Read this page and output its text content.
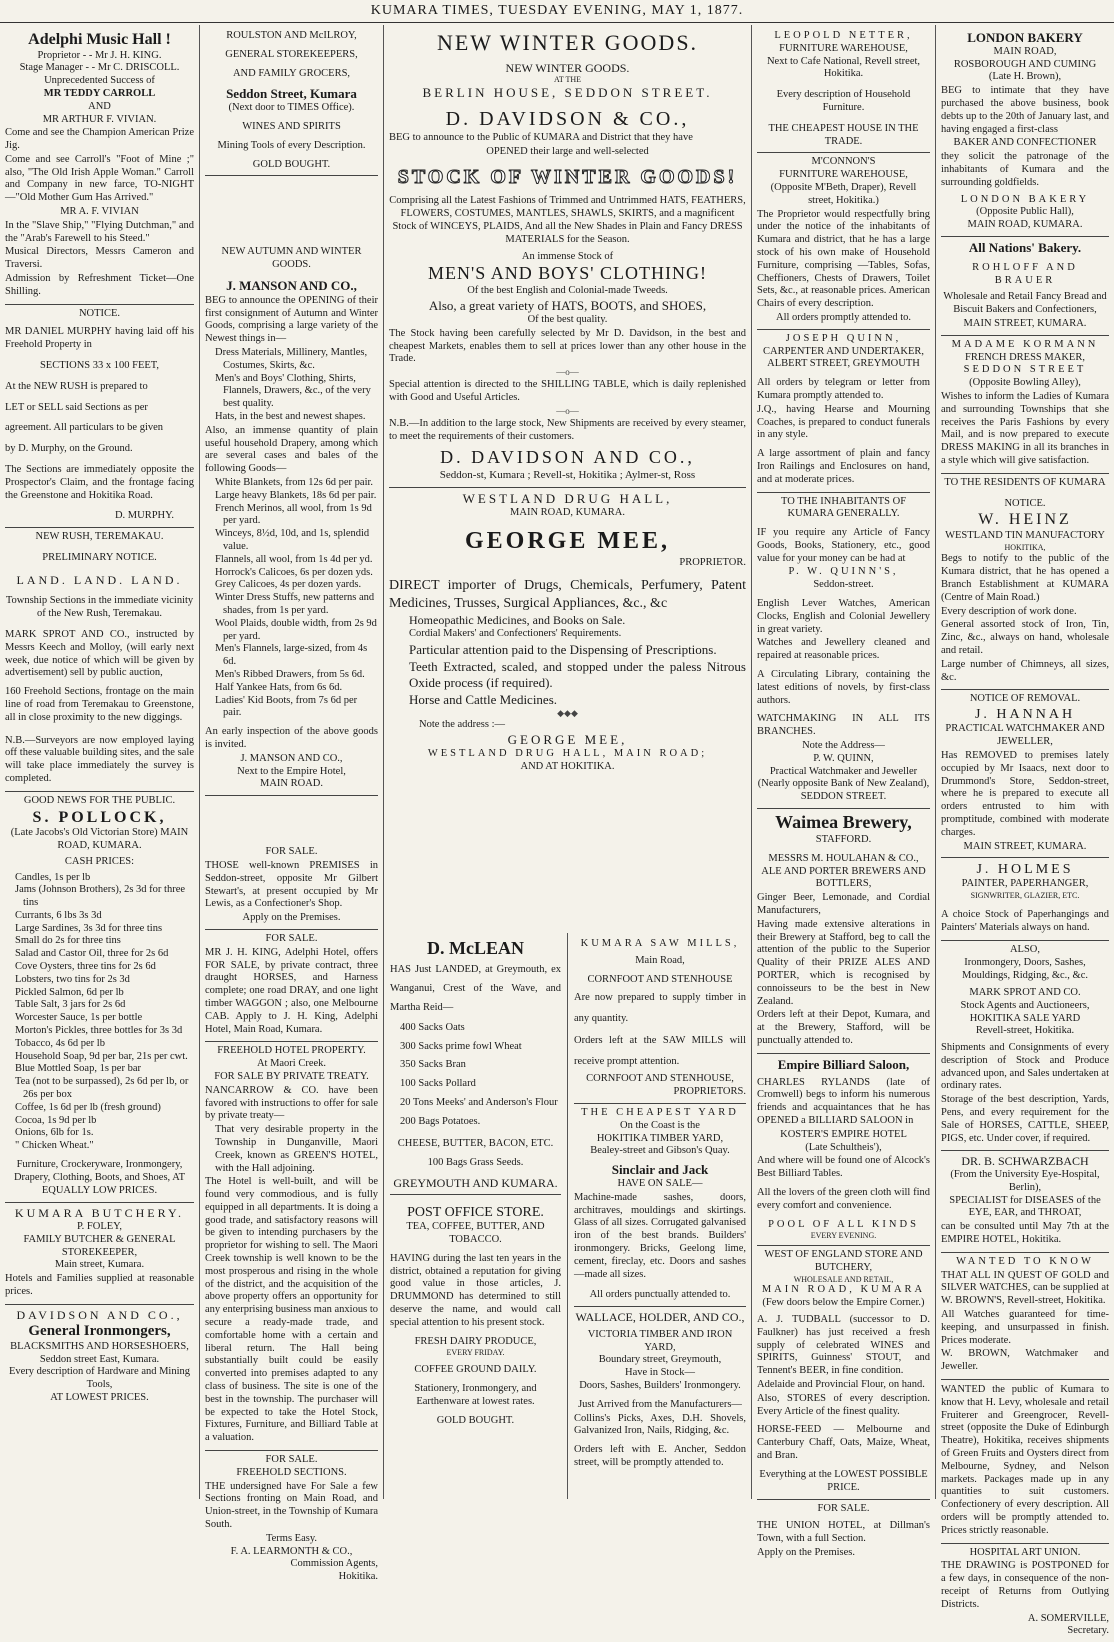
KUMARA TIMES, TUESDAY EVENING, MAY 1, 1877.
Adelphi Music Hall !
Proprietor - - Mr J. H. KING.
Stage Manager - - Mr C. DRISCOLL.
Unprecedented Success of
MR TEDDY CARROLL
AND
MR ARTHUR F. VIVIAN.

Come and see the Champion American Prize Jig.

Come and see Carroll's "Foot of Mine ;" also, "The Old Irish Apple Woman." Carroll and Company in new farce, TO-NIGHT—"Old Mother Gum Has Arrived."

MR A. F. VIVIAN

In the "Slave Ship," "Flying Dutchman," and the "Arab's Farewell to his Steed."

Musical Directors, Messrs Cameron and Traversi.

Admission by Refreshment Ticket—One Shilling.

NOTICE.

MR DANIEL MURPHY having laid off his Freehold Property in

SECTIONS 33 x 100 FEET,

At the NEW RUSH is prepared to

LET or SELL said Sections as per

agreement. All particulars to be given

by D. Murphy, on the Ground.

The Sections are immediately opposite the Prospector's Claim, and the frontage facing the Greenstone and Hokitika Road.

D. MURPHY.
NEW RUSH, TEREMAKAU.
PRELIMINARY NOTICE.
LAND. LAND. LAND.

Township Sections in the immediate vicinity of the New Rush, Teremakau.

MARK SPROT AND CO., instructed by Messrs Keech and Molloy, (will early next week, due notice of which will be given by advertisement) sell by public auction,

160 Freehold Sections, frontage on the main line of road from Teremakau to Greenstone, all in close proximity to the new diggings.

N.B.—Surveyors are now employed laying off these valuable building sites, and the sale will take place immediately the survey is completed.

GOOD NEWS FOR THE PUBLIC.
S. POLLOCK,
(Late Jacobs's Old Victorian Store) MAIN ROAD, KUMARA.
CASH PRICES:
Candles, 1s per lb
Jams (Johnson Brothers), 2s 3d for three tins
Currants, 6 lbs 3s 3d
Large Sardines, 3s 3d for three tins
Small do 2s for three tins
Salad and Castor Oil, three for 2s 6d
Cove Oysters, three tins for 2s 6d
Lobsters, two tins for 2s 3d
Pickled Salmon, 6d per lb
Table Salt, 3 jars for 2s 6d
Worcester Sauce, 1s per bottle
Morton's Pickles, three bottles for 3s 3d
Tobacco, 4s 6d per lb
Household Soap, 9d per bar, 21s per cwt.
Blue Mottled Soap, 1s per bar
Tea (not to be surpassed), 2s 6d per lb, or 26s per box
Coffee, 1s 6d per lb (fresh ground)
Cocoa, 1s 9d per lb
Onions, 6lb for 1s.
" Chicken Wheat."

Furniture, Crockeryware, Ironmongery, Drapery, Clothing, Boots, and Shoes, AT EQUALLY LOW PRICES.

KUMARA BUTCHERY.
P. FOLEY,
FAMILY BUTCHER & GENERAL STOREKEEPER,
Main street, Kumara.

Hotels and Families supplied at reasonable prices.

DAVIDSON AND CO.,
General Ironmongers,
BLACKSMITHS AND HORSESHOERS,
Seddon street East, Kumara.
Every description of Hardware and Mining Tools,
AT LOWEST PRICES.
ROULSTON AND McILROY,
GENERAL STOREKEEPERS,
AND FAMILY GROCERS,
Seddon Street, Kumara
(Next door to TIMES Office).
WINES AND SPIRITS
Mining Tools of every Description.
GOLD BOUGHT.
NEW AUTUMN AND WINTER GOODS.
J. MANSON AND CO.,

BEG to announce the OPENING of their first consignment of Autumn and Winter Goods, comprising a large variety of the Newest things in—

Dress Materials, Millinery, Mantles, Costumes, Skirts, &c.
Men's and Boys' Clothing, Shirts, Flannels, Drawers, &c., of the very best quality.
Hats, in the best and newest shapes.

Also, an immense quantity of plain useful household Drapery, among which are several cases and bales of the following Goods—

White Blankets, from 12s 6d per pair.
Large heavy Blankets, 18s 6d per pair.
French Merinos, all wool, from 1s 9d per yard.
Winceys, 8½d, 10d, and 1s, splendid value.
Flannels, all wool, from 1s 4d per yd.
Horrock's Calicoes, 6s per dozen yds.
Grey Calicoes, 4s per dozen yards.
Winter Dress Stuffs, new patterns and shades, from 1s per yard.
Wool Plaids, double width, from 2s 9d per yard.
Men's Flannels, large-sized, from 4s 6d.
Men's Ribbed Drawers, from 5s 6d.
Half Yankee Hats, from 6s 6d.
Ladies' Kid Boots, from 7s 6d per pair.

An early inspection of the above goods is invited.

J. MANSON AND CO.,
Next to the Empire Hotel,
MAIN ROAD.
FOR SALE.

THOSE well-known PREMISES in Seddon-street, opposite Mr Gilbert Stewart's, at present occupied by Mr Lewis, as a Confectioner's Shop.

Apply on the Premises.
FOR SALE.

MR J. H. KING, Adelphi Hotel, offers FOR SALE, by private contract, three draught HORSES, and Harness complete; one road DRAY, and one light timber WAGGON ; also, one Melbourne CAB. Apply to J. H. King, Adelphi Hotel, Main Road, Kumara.

FREEHOLD HOTEL PROPERTY.
At Maori Creek.
FOR SALE BY PRIVATE TREATY.

NANCARROW & CO. have been favored with instructions to offer for sale by private treaty—

That very desirable property in the Township in Dunganville, Maori Creek, known as GREEN'S HOTEL, with the Hall adjoining.

The Hotel is well-built, and will be found very commodious, and is fully equipped in all departments. It is doing a good trade, and satisfactory reasons will be given to intending purchasers by the proprietor for wishing to sell. The Maori Creek township is well known to be the most prosperous and rising in the whole of the district, and the acquisition of the above property offers an opportunity for any enterprising business man anxious to secure a ready-made trade, and comfortable home with a certain and liberal return. The Hall being substantially built could be easily converted into premises adapted to any class of business. The site is one of the best in the township. The purchaser will be expected to take the Hotel Stock, Fixtures, Furniture, and Billiard Table at a valuation.

FOR SALE.
FREEHOLD SECTIONS.

THE undersigned have For Sale a few Sections fronting on Main Road, and Union-street, in the Township of Kumara South.

Terms Easy.
F. A. LEARMONTH & CO.,
Commission Agents,
Hokitika.
NEW WINTER GOODS.
NEW WINTER GOODS.
AT THE
BERLIN HOUSE, SEDDON STREET.
D. DAVIDSON & CO.,

BEG to announce to the Public of KUMARA and District that they have

OPENED their large and well-selected
STOCK OF WINTER GOODS!

Comprising all the Latest Fashions of Trimmed and Untrimmed HATS, FEATHERS, FLOWERS, COSTUMES, MANTLES, SHAWLS, SKIRTS, and a magnificent Stock of WINCEYS, PLAIDS, And all the New Shades in Plain and Fancy DRESS MATERIALS for the Season.

An immense Stock of
MEN'S AND BOYS' CLOTHING!
Of the best English and Colonial-made Tweeds.
Also, a great variety of HATS, BOOTS, and SHOES,
Of the best quality.

The Stock having been carefully selected by Mr D. Davidson, in the best and cheapest Markets, enables them to sell at prices lower than any other house in the Trade.

—o—

Special attention is directed to the SHILLING TABLE, which is daily replenished with Good and Useful Articles.

—o—

N.B.—In addition to the large stock, New Shipments are received by every steamer, to meet the requirements of their customers.

D. DAVIDSON AND CO.,
Seddon-st, Kumara ; Revell-st, Hokitika ; Aylmer-st, Ross
WESTLAND DRUG HALL,
MAIN ROAD, KUMARA.
GEORGE MEE,
PROPRIETOR.

DIRECT importer of Drugs, Chemicals, Perfumery, Patent Medicines, Trusses, Surgical Appliances, &c., &c

Homeopathic Medicines, and Books on Sale.

Cordial Makers' and Confectioners' Requirements.

Particular attention paid to the Dispensing of Prescriptions.

Teeth Extracted, scaled, and stopped under the paless Nitrous Oxide process (if required).

Horse and Cattle Medicines.

◆◆◆
Note the address :—
GEORGE MEE,
WESTLAND DRUG HALL, MAIN ROAD;
AND AT HOKITIKA.
D. McLEAN

HAS Just LANDED, at Greymouth, ex Wanganui, Crest of the Wave, and Martha Reid—

400 Sacks Oats
300 Sacks prime fowl Wheat
350 Sacks Bran
100 Sacks Pollard
20 Tons Meeks' and Anderson's Flour
200 Bags Potatoes.
CHEESE, BUTTER, BACON, ETC.
100 Bags Grass Seeds.
GREYMOUTH AND KUMARA.
POST OFFICE STORE.
TEA, COFFEE, BUTTER, AND TOBACCO.

HAVING during the last ten years in the district, obtained a reputation for giving good value in those articles, J. DRUMMOND has determined to still deserve the name, and would call special attention to his present stock.

FRESH DAIRY PRODUCE,
EVERY FRIDAY.
COFFEE GROUND DAILY.
Stationery, Ironmongery, and Earthenware at lowest rates.
GOLD BOUGHT.
KUMARA SAW MILLS,
Main Road,
CORNFOOT AND STENHOUSE

Are now prepared to supply timber in any quantity.

Orders left at the SAW MILLS will receive prompt attention.

CORNFOOT AND STENHOUSE,
PROPRIETORS.
THE CHEAPEST YARD
On the Coast is the
HOKITIKA TIMBER YARD,
Bealey-street and Gibson's Quay.
Sinclair and Jack
HAVE ON SALE—

Machine-made sashes, doors, architraves, mouldings and skirtings. Glass of all sizes. Corrugated galvanised iron of the best brands. Builders' ironmongery. Bricks, Geelong lime, cement, fireclay, etc. Doors and sashes—made all sizes.

All orders punctually attended to.
WALLACE, HOLDER, AND CO.,
VICTORIA TIMBER AND IRON YARD,
Boundary street, Greymouth,
Have in Stock—
Doors, Sashes, Builders' Ironmongery.
Just Arrived from the Manufacturers—

Collins's Picks, Axes, D.H. Shovels, Galvanized Iron, Nails, Ridging, &c.

Orders left with E. Ancher, Seddon street, will be promptly attended to.

LEOPOLD NETTER,
FURNITURE WAREHOUSE,
Next to Cafe National, Revell street, Hokitika.
Every description of Household Furniture.
THE CHEAPEST HOUSE IN THE TRADE.
M'CONNON'S
FURNITURE WAREHOUSE,
(Opposite M'Beth, Draper), Revell street, Hokitika.)

The Proprietor would respectfully bring under the notice of the inhabitants of Kumara and district, that he has a large stock of his own make of Household Furniture, comprising —Tables, Sofas, Cheffioners, Chests of Drawers, Toilet Sets, &c., at reasonable prices. American Chairs of every description.

All orders promptly attended to.
JOSEPH QUINN,
CARPENTER AND UNDERTAKER,
ALBERT STREET, GREYMOUTH

All orders by telegram or letter from Kumara promptly attended to.

J.Q., having Hearse and Mourning Coaches, is prepared to conduct funerals in any style.

A large assortment of plain and fancy Iron Railings and Enclosures on hand, and at moderate prices.

TO THE INHABITANTS OF KUMARA GENERALLY.

IF you require any Article of Fancy Goods, Books, Stationery, etc., good value for your money can be had at

P. W. QUINN'S,
Seddon-street.

English Lever Watches, American Clocks, English and Colonial Jewellery in great variety.

Watches and Jewellery cleaned and repaired at reasonable prices.

A Circulating Library, containing the latest editions of novels, by first-class authors.

WATCHMAKING IN ALL ITS BRANCHES.

Note the Address—
P. W. QUINN,
Practical Watchmaker and Jeweller
(Nearly opposite Bank of New Zealand),
SEDDON STREET.
Waimea Brewery,
STAFFORD.
MESSRS M. HOULAHAN & CO.,
ALE AND PORTER BREWERS AND BOTTLERS,

Ginger Beer, Lemonade, and Cordial Manufacturers,

Having made extensive alterations in their Brewery at Stafford, beg to call the attention of the public to the Superior Quality of their PRIZE ALES AND PORTER, which is recognised by connoisseurs to be the best in New Zealand.

Orders left at their Depot, Kumara, and at the Brewery, Stafford, will be punctually attended to.

Empire Billiard Saloon,

CHARLES RYLANDS (late of Cromwell) begs to inform his numerous friends and acquaintances that he has OPENED a BILLIARD SALOON in

KOSTER'S EMPIRE HOTEL
(Late Schultheis'),

And where will be found one of Alcock's Best Billiard Tables.

All the lovers of the green cloth will find every comfort and convenience.

POOL OF ALL KINDS
EVERY EVENING.
WEST OF ENGLAND STORE AND BUTCHERY,
WHOLESALE AND RETAIL,
MAIN ROAD, KUMARA
(Few doors below the Empire Corner.)

A. J. TUDBALL (successor to D. Faulkner) has just received a fresh supply of celebrated WINES and SPIRITS, Guinness' STOUT, and Tennent's BEER, in fine condition.

Adelaide and Provincial Flour, on hand.

Also, STORES of every description. Every Article of the finest quality.

HORSE-FEED — Melbourne and Canterbury Chaff, Oats, Maize, Wheat, and Bran.

Everything at the LOWEST POSSIBLE PRICE.

FOR SALE.

THE UNION HOTEL, at Dillman's Town, with a full Section.

Apply on the Premises.
LONDON BAKERY
MAIN ROAD,
ROSBOROUGH AND CUMING
(Late H. Brown),

BEG to intimate that they have purchased the above business, book debts up to the 20th of January last, and having engaged a first-class

BAKER AND CONFECTIONER

they solicit the patronage of the inhabitants of Kumara and the surrounding goldfields.

LONDON BAKERY
(Opposite Public Hall),
MAIN ROAD, KUMARA.
All Nations' Bakery.
ROHLOFF AND BRAUER

Wholesale and Retail Fancy Bread and Biscuit Bakers and Confectioners,

MAIN STREET, KUMARA.
MADAME KORMANN
FRENCH DRESS MAKER,
SEDDON STREET
(Opposite Bowling Alley),

Wishes to inform the Ladies of Kumara and surrounding Townships that she receives the Paris Fashions by every Mail, and is now prepared to execute DRESS MAKING in all its branches in a style which will give satisfaction.

TO THE RESIDENTS OF KUMARA
NOTICE.
W. HEINZ
WESTLAND TIN MANUFACTORY
HOKITIKA,

Begs to notify to the public of the Kumara district, that he has opened a Branch Establishment at KUMARA (Centre of Main Road.)

Every description of work done.

General assorted stock of Iron, Tin, Zinc, &c., always on hand, wholesale and retail.

Large number of Chimneys, all sizes, &c.

NOTICE OF REMOVAL.
J. HANNAH
PRACTICAL WATCHMAKER AND JEWELLER,

Has REMOVED to premises lately occupied by Mr Isaacs, next door to Drummond's Store, Seddon-street, where he is prepared to execute all orders entrusted to him with promptitude, combined with moderate charges.

MAIN STREET, KUMARA.
J. HOLMES
PAINTER, PAPERHANGER,
SIGNWRITER, GLAZIER, ETC.

A choice Stock of Paperhangings and Painters' Materials always on hand.

ALSO,

Ironmongery, Doors, Sashes, Mouldings, Ridging, &c., &c.

MARK SPROT AND CO.
Stock Agents and Auctioneers,
HOKITIKA SALE YARD
Revell-street, Hokitika.

Shipments and Consignments of every description of Stock and Produce advanced upon, and Sales undertaken at ordinary rates.

Storage of the best description, Yards, Pens, and every requirement for the Sale of HORSES, CATTLE, SHEEP, PIGS, etc. Under cover, if required.

DR. B. SCHWARZBACH
(From the University Eye-Hospital, Berlin),
SPECIALIST for DISEASES of the EYE, EAR, and THROAT,

can be consulted until May 7th at the EMPIRE HOTEL, Hokitika.

WANTED TO KNOW

THAT ALL IN QUEST OF GOLD and SILVER WATCHES, can be supplied at W. BROWN'S, Revell-street, Hokitika.

All Watches guaranteed for time-keeping, and unsurpassed in finish. Prices moderate.

W. BROWN, Watchmaker and Jeweller.

WANTED the public of Kumara to know that H. Levy, wholesale and retail Fruiterer and Greengrocer, Revell-street (opposite the Duke of Edinburgh Theatre), Hokitika, receives shipments of Green Fruits and Oysters direct from Melbourne, Sydney, and Nelson markets. Packages made up in any quantities to suit customers. Confectionery of every description. All orders will be promptly attended to. Prices strictly reasonable.

HOSPITAL ART UNION.

THE DRAWING is POSTPONED for a few days, in consequence of the non-receipt of Returns from Outlying Districts.

A. SOMERVILLE,
Secretary.
